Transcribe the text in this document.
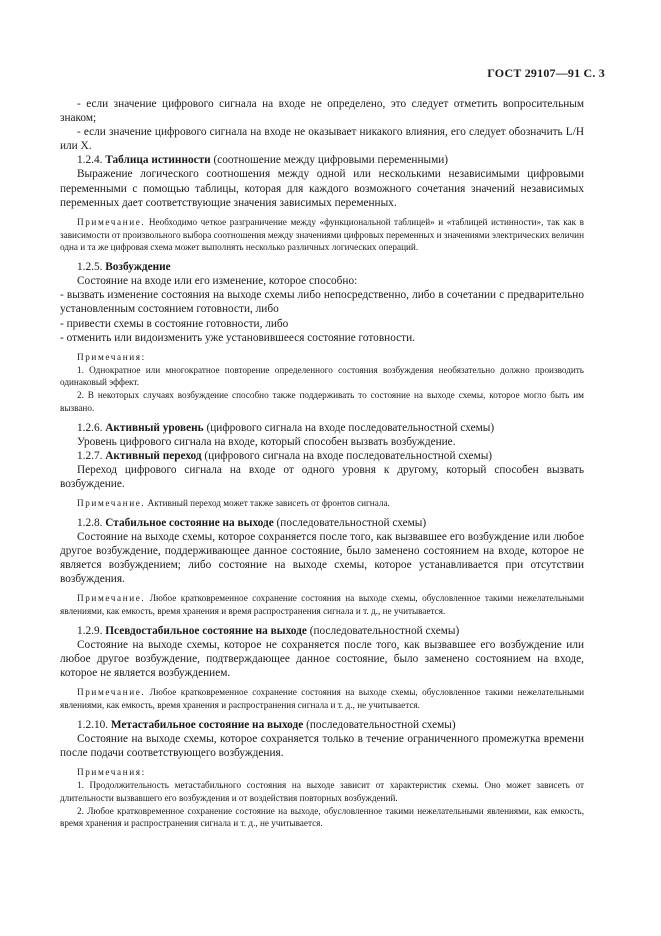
ГОСТ 29107—91 С. 3

- если значение цифрового сигнала на входе не определено, это следует отметить вопросительным знаком;

- если значение цифрового сигнала на входе не оказывает никакого влияния, его следует обозначить L/H или X.

1.2.4. Таблица истинности (соотношение между цифровыми переменными)

Выражение логического соотношения между одной или несколькими независимыми цифровыми переменными с помощью таблицы, которая для каждого возможного сочетания значений независимых переменных дает соответствующие значения зависимых переменных.

Примечание. Необходимо четкое разграничение между «функциональной таблицей» и «таблицей истинности», так как в зависимости от произвольного выбора соотношения между значениями цифровых переменных и значениями электрических величин одна и та же цифровая схема может выполнять несколько различных логических операций.

1.2.5. Возбуждение

Состояние на входе или его изменение, которое способно:

- вызвать изменение состояния на выходе схемы либо непосредственно, либо в сочетании с предварительно установленным состоянием готовности, либо

- привести схемы в состояние готовности, либо

- отменить или видоизменить уже установившееся состояние готовности.

Примечания:

1. Однократное или многократное повторение определенного состояния возбуждения необязательно должно производить одинаковый эффект.

2. В некоторых случаях возбуждение способно также поддерживать то состояние на выходе схемы, которое могло быть им вызвано.

1.2.6. Активный уровень (цифрового сигнала на входе последовательностной схемы)

Уровень цифрового сигнала на входе, который способен вызвать возбуждение.

1.2.7. Активный переход (цифрового сигнала на входе последовательностной схемы)

Переход цифрового сигнала на входе от одного уровня к другому, который способен вызвать возбуждение.

Примечание. Активный переход может также зависеть от фронтов сигнала.

1.2.8. Стабильное состояние на выходе (последовательностной схемы)

Состояние на выходе схемы, которое сохраняется после того, как вызвавшее его возбуждение или любое другое возбуждение, поддерживающее данное состояние, было заменено состоянием на входе, которое не является возбуждением; либо состояние на выходе схемы, которое устанавливается при отсутствии возбуждения.

Примечание. Любое кратковременное сохранение состояния на выходе схемы, обусловленное такими нежелательными явлениями, как емкость, время хранения и время распространения сигнала и т. д., не учитывается.

1.2.9. Псевдостабильное состояние на выходе (последовательностной схемы)

Состояние на выходе схемы, которое не сохраняется после того, как вызвавшее его возбуждение или любое другое возбуждение, подтверждающее данное состояние, было заменено состоянием на входе, которое не является возбуждением.

Примечание. Любое кратковременное сохранение состояния на выходе схемы, обусловленное такими нежелательными явлениями, как емкость, время хранения и распространения сигнала и т. д., не учитывается.

1.2.10. Метастабильное состояние на выходе (последовательностной схемы)

Состояние на выходе схемы, которое сохраняется только в течение ограниченного промежутка времени после подачи соответствующего возбуждения.

Примечания:

1. Продолжительность метастабильного состояния на выходе зависит от характеристик схемы. Оно может зависеть от длительности вызвавшего его возбуждения и от воздействия повторных возбуждений.

2. Любое кратковременное сохранение состояние на выходе, обусловленное такими нежелательными явлениями, как емкость, время хранения и распространения сигнала и т. д., не учитывается.
